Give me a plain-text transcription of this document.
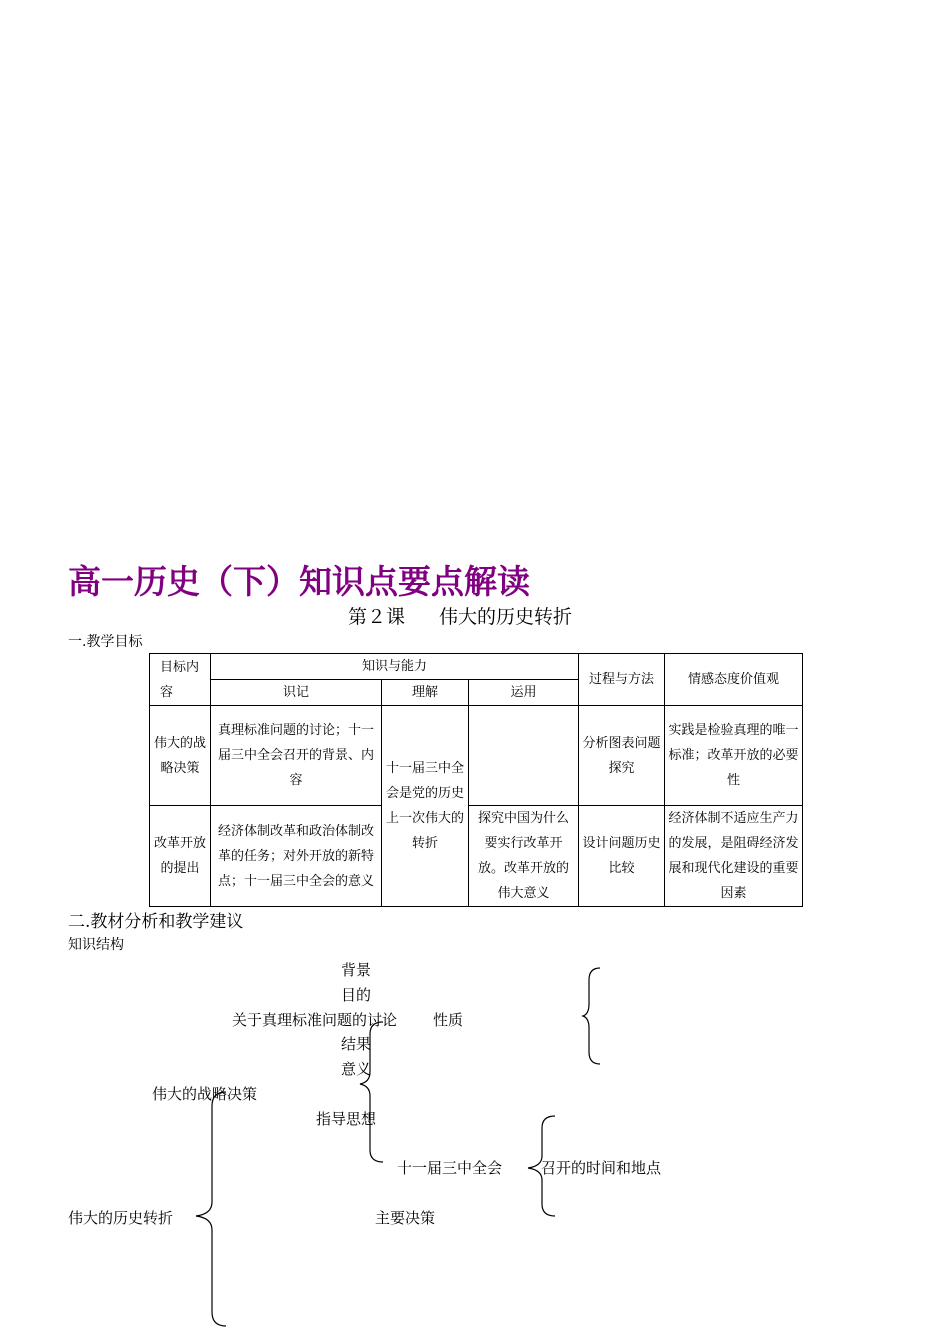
高一历史（下）知识点要点解读
第２课 伟大的历史转折
一.教学目标
目标内容	知识与能力			过程与方法	情感态度价值观
	识记	理解	运用		
伟大的战略决策	真理标准问题的讨论；十一届三中全会召开的背景、内容	十一届三中全会是党的历史上一次伟大的转折		分析图表问题探究	实践是检验真理的唯一标准；改革开放的必要性
改革开放的提出	经济体制改革和政治体制改革的任务；对外开放的新特点；十一届三中全会的意义		探究中国为什么要实行改革开放。改革开放的伟大意义	设计问题历史比较	经济体制不适应生产力的发展，是阻碍经济发展和现代化建设的重要因素
二.教材分析和教学建议
知识结构
背景
目的
关于真理标准问题的讨论 性质
结果
意义
伟大的战略决策
指导思想
十一届三中全会	召开的时间和地点
伟大的历史转折	主要决策
